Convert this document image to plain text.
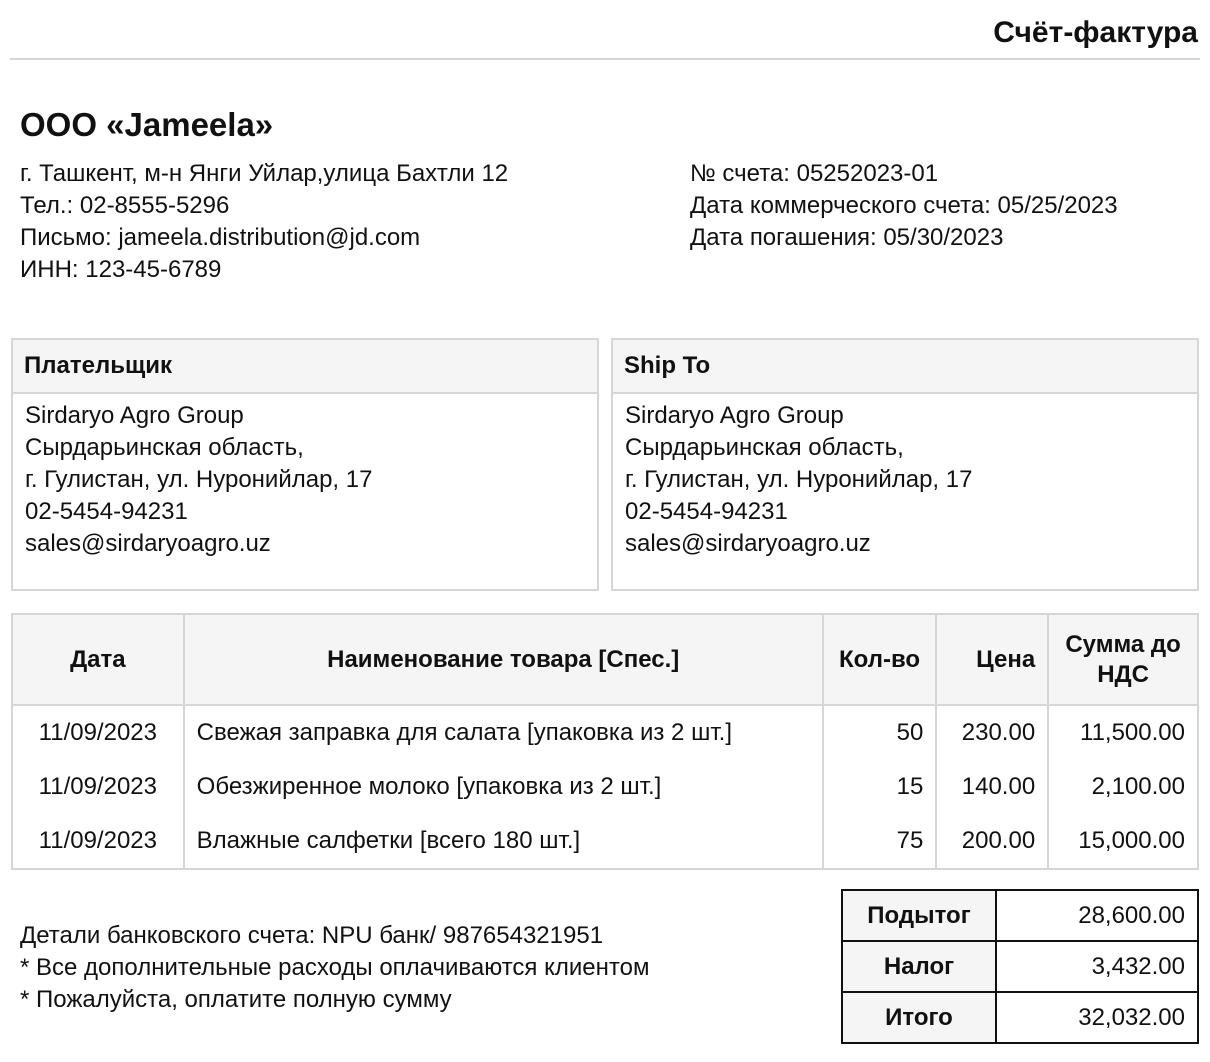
Счёт-фактура
ООО «Jameela»
г. Ташкент, м-н Янги Уйлар,улица Бахтли 12
Тел.: 02-8555-5296
Письмо: jameela.distribution@jd.com
ИНН: 123-45-6789
№ счета: 05252023-01
Дата коммерческого счета: 05/25/2023
Дата погашения: 05/30/2023
Плательщик
Sirdaryo Agro Group
Сырдарьинская область,
г. Гулистан, ул. Нуронийлар, 17
02-5454-94231
sales@sirdaryoagro.uz
Ship To
Sirdaryo Agro Group
Сырдарьинская область,
г. Гулистан, ул. Нуронийлар, 17
02-5454-94231
sales@sirdaryoagro.uz
Дата	Наименование товара [Спес.]	Кол-во	Цена	Сумма до НДС
11/09/2023	Свежая заправка для салата [упаковка из 2 шт.]	50	230.00	11,500.00
11/09/2023	Обезжиренное молоко [упаковка из 2 шт.]	15	140.00	2,100.00
11/09/2023	Влажные салфетки [всего 180 шт.]	75	200.00	15,000.00
Детали банковского счета: NPU банк/ 987654321951
* Все дополнительные расходы оплачиваются клиентом
* Пожалуйста, оплатите полную сумму
Подытог	28,600.00
Налог	3,432.00
Итого	32,032.00
